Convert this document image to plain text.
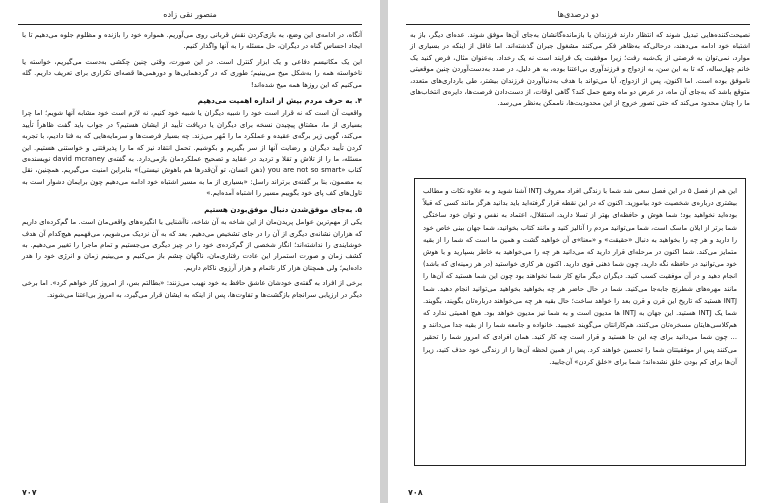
منصور نقی زاده

آنگاه، در ادامه‌ی این وضع، به بازی‌کردن نقش قربانی روی می‌آوریم. همواره خود را بازنده و مظلوم جلوه می‌دهیم تا با ایجاد احساس گناه در دیگران، حل مسئله را به آنها واگذار کنیم.

این یک مکانیسم دفاعی و یک ابزار کنترل است. در این صورت، وقتی چنین چکشی به‌دست می‌گیریم، خواسته یا ناخواسته همه را به‌شکل میخ می‌بینیم؛ طوری که در گردهمایی‌ها و دورهمی‌ها قصه‌ای تکراری برای تعریف داریم. گله می‌کنیم که این روزها همه میخ شده‌اند!

۴. به حرف مردم بیش از اندازه اهمیت می‌دهیم

واقعیت آن است که نه قرار است خود را شبیه دیگران یا شبیه خود کنیم، نه لازم است خود مشابه آنها شویم؛ اما چرا بسیاری از ما، مشتاق پیچیدن نسخه برای دیگران یا دریافت تأیید از ایشان هستیم؟ در جواب باید گفت ظاهراً تأیید می‌کند، گویی زیر برگه‌ی عقیده و عملکرد ما را مُهر می‌زند. چه بسیار فرصت‌ها و سرمایه‌هایی که به فنا دادیم، با تجربه کردن تأیید دیگران و رضایت آنها از سر بگیریم و بکوشیم. تحمل انتقاد نیز که ما را پذیرفتنی و خواستنی هستیم. این مسئله، ما را از تلاش و تقلا و تردید در عقاید و تصحیح عملکردمان بازمی‌دارد. به گفته‌ی david mcraney نویسنده‌ی کتاب «you are not so smart (ذهن انسان، تو آن‌قدرها هم باهوش نیستی)» بنابراین امنیت می‌گیریم. همچنین، نقل به مضمون، بنا بر گفته‌ی برتراند راسل: «بسیاری از ما به مسیر اشتباه خود ادامه می‌دهیم چون برایمان دشوار است به تاول‌های کف پای خود بگوییم مسیر را اشتباه آمده‌ایم.»

۵. به‌جای موفق‌شدن دنبال موفق‌بودن هستیم

یکی از مهم‌ترین عوامل پریدن‌مان از این شاخه به آن شاخه، ناآشنایی با انگیزه‌های واقعی‌مان است. ما گم‌کرده‌ای داریم که هزاران نشانه‌ی دیگری از آن را در جای تشخیص می‌دهیم. بعد که به آن نزدیک می‌شویم، می‌فهمیم هیچ‌کدام آن هدف خوشایندی را نداشته‌اند؛ انگار شخصی از گم‌کرده‌ی خود را در چیز دیگری می‌جستیم و تمام ماجرا را تغییر می‌دهیم. به کشف زمان و صورت استمرار این عادت رفتاری‌مان، ناگهان چشم باز می‌کنیم و می‌بینیم زمان و انرژی خود را هدر داده‌ایم؛ ولی همچنان هزار کار ناتمام و هزار آرزوی ناکام داریم.

برخی از افراد به گفته‌ی خودشان عاشق حافظ به خود نهیب می‌زنند: «بطالتم بس، از امروز کار خواهم کرد». اما برخی دیگر در ارزیابی سرانجام بازگشت‌ها و تفاوت‌ها، پس از اینکه به ایشان قرار می‌گیرد، به امروز بی‌اعتنا می‌شوند.

۷۰۷
دو درصدی‌ها

نصیحت‌کننده‌هایی تبدیل شوند که انتظار دارند فرزندان یا بازمانده‌گانشان به‌جای آن‌ها موفق شوند. عده‌ای دیگر، باز به اشتباه خود ادامه می‌دهند، درحالی‌که به‌ظاهر فکر می‌کنند مشغول جبران گذشته‌اند. اما غافل از اینکه در بسیاری از موارد، نمی‌توان به فرصتی از یک‌شبه رفت؛ زیرا موفقیت یک فرایند است نه یک رخداد. به‌عنوان مثال، فرض کنید یک خانم چهل‌ساله، که تا به این سن، به ازدواج و فرزندآوری بی‌اعتنا بوده، به هر دلیل، در صدد به‌دست‌آوردن چنین موقعیتی ناموفق بوده است. اما اکنون، پس از ازدواج، آیا می‌تواند با هدف به‌دنیاآوردن فرزندان بیشتر، طی بارداری‌های متعدد، متوقع باشد که به‌جای آن ماه، در عرض دو ماه وضع حمل کند؟ گاهی اوقات، از دست‌دادن فرصت‌ها، دایره‌ی انتخاب‌های ما را چنان محدود می‌کند که حتی تصور خروج از این محدودیت‌ها، ناممکن به‌نظر می‌رسد.

این هم از فصل ۵ در این فصل سعی شد شما با زندگی افراد معروف INTJ آشنا شوید و به علاوه نکات و مطالب بیشتری درباره‌ی شخصیت خود بیاموزید. اکنون که در این نقطه قرار گرفته‌اید باید بدانید هرگز مانند کسی که قبلاً بوده‌اید نخواهید بود؛ شما هوش و حافظه‌ای بهتر از تسلا دارید، استقلال، اعتماد به نفس و توان خود ساختگی شما برتر از ایلان ماسک است، شما می‌توانید مردم را آنالیز کنید و مانند کتاب بخوانید، شما جهان بینی خاص خود را دارید و هر چه را بخواهید به دنبال «حقیقت» و «معنا»ی آن خواهید گشت و همین ما است که شما را از بقیه متمایز می‌کند. شما اکنون در مرحله‌ای قرار دارید که می‌دانید هر چه را می‌خواهید به خاطر بسپارید و با هوش خود می‌توانید در حافظه نگه دارید، چون شما ذهنی قوی دارید. اکنون هر کاری خواستید (در هر زمینه‌ای که باشد) انجام دهید و در آن موفقیت کسب کنید. دیگران دیگر مانع کار شما نخواهند بود چون این شما هستید که آن‌ها را مانند مهره‌های شطرنج جابه‌جا می‌کنید. شما در حال حاضر هر چه بخواهید بخواهید می‌توانید انجام دهید. شما INTJ هستید که تاریخ این قرن و قرن بعد را خواهد ساخت؛ حال بقیه هر چه می‌خواهند درباره‌تان بگویند، بگویند. شما یک INTJ هستید. این جهان به INTJ ها مدیون است و به شما نیز مدیون خواهد بود. هیچ اهمیتی ندارد که هم‌کلاسی‌هایتان مسخره‌تان می‌کنند، هم‌کارانتان می‌گویند عجیبید. خانواده و جامعه شما را از بقیه جدا می‌دانند و ... چون شما می‌دانید برای چه این جا هستید و قرار است چه کار کنید. همان افرادی که امروز شما را تحقیر می‌کنند پس از موفقیتتان شما را تحسین خواهند کرد. پس از همین لحظه آن‌ها را از زندگی خود حذف کنید، زیرا آن‌ها برای کم بودن خلق نشده‌اند؛ شما برای «خلق کردن» آن‌جایید.
۷۰۸
